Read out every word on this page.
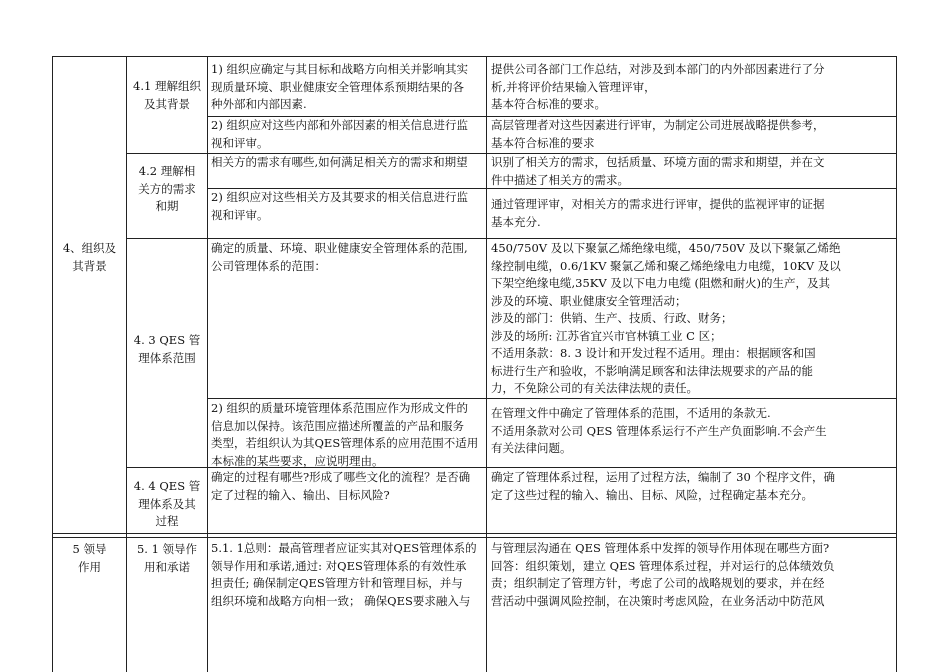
4、组织及
其背景
4.1 理解组织
及其背景
1) 组织应确定与其目标和战略方向相关并影响其实
现质量环境、职业健康安全管理体系预期结果的各
种外部和内部因素.
提供公司各部门工作总结，对涉及到本部门的内外部因素进行了分
析,并将评价结果输入管理评审，
基本符合标准的要求。
2) 组织应对这些内部和外部因素的相关信息进行监
视和评审。
高层管理者对这些因素进行评审，为制定公司进展战略提供参考，
基本符合标准的要求
4.2 理解相
关方的需求
和期
相关方的需求有哪些,如何满足相关方的需求和期望	识别了相关方的需求，包括质量、环境方面的需求和期望，并在文
件中描述了相关方的需求。
2) 组织应对这些相关方及其要求的相关信息进行监
视和评审。
通过管理评审，对相关方的需求进行评审，提供的监视评审的证据
基本充分.
4. 3 QES 管
理体系范围
确定的质量、环境、职业健康安全管理体系的范围,
公司管理体系的范围：
450/750V 及以下聚氯乙烯绝缘电缆，450/750V 及以下聚氯乙烯绝
缘控制电缆，0.6/1KV 聚氯乙烯和聚乙烯绝缘电力电缆，10KV 及以
下架空绝缘电缆,35KV 及以下电力电缆 (阻燃和耐火)的生产，及其
涉及的环境、职业健康安全管理活动；
涉及的部门：供销、生产、技质、行政、财务；
涉及的场所: 江苏省宜兴市官林镇工业 C 区；
不适用条款：8. 3 设计和开发过程不适用。理由：根据顾客和国
标进行生产和验收，不影响满足顾客和法律法规要求的产品的能
力，不免除公司的有关法律法规的责任。
2) 组织的质量环境管理体系范围应作为形成文件的
信息加以保持。该范围应描述所覆盖的产品和服务
类型，若组织认为其QES管理体系的应用范围不适用
本标准的某些要求，应说明理由。
在管理文件中确定了管理体系的范围，不适用的条款无.
不适用条款对公司 QES 管理体系运行不产生产负面影响.不会产生
有关法律问题。
4. 4 QES 管
理体系及其
过程
确定的过程有哪些?形成了哪些文化的流程？是否确
定了过程的输入、输出、目标风险?
确定了管理体系过程，运用了过程方法，编制了 30 个程序文件，确
定了这些过程的输入、输出、目标、风险，过程确定基本充分。
5 领导
作用
5. 1 领导作
用和承诺
5.1. 1总则：最高管理者应证实其对QES管理体系的
领导作用和承诺,通过: 对QES管理体系的有效性承
担责任; 确保制定QES管理方针和管理目标，并与
组织环境和战略方向相一致； 确保QES要求融入与
与管理层沟通在 QES 管理体系中发挥的领导作用体现在哪些方面?
回答：组织策划，建立 QES 管理体系过程，并对运行的总体绩效负
责；组织制定了管理方针，考虑了公司的战略规划的要求，并在经
营活动中强调风险控制，在决策时考虑风险，在业务活动中防范风
